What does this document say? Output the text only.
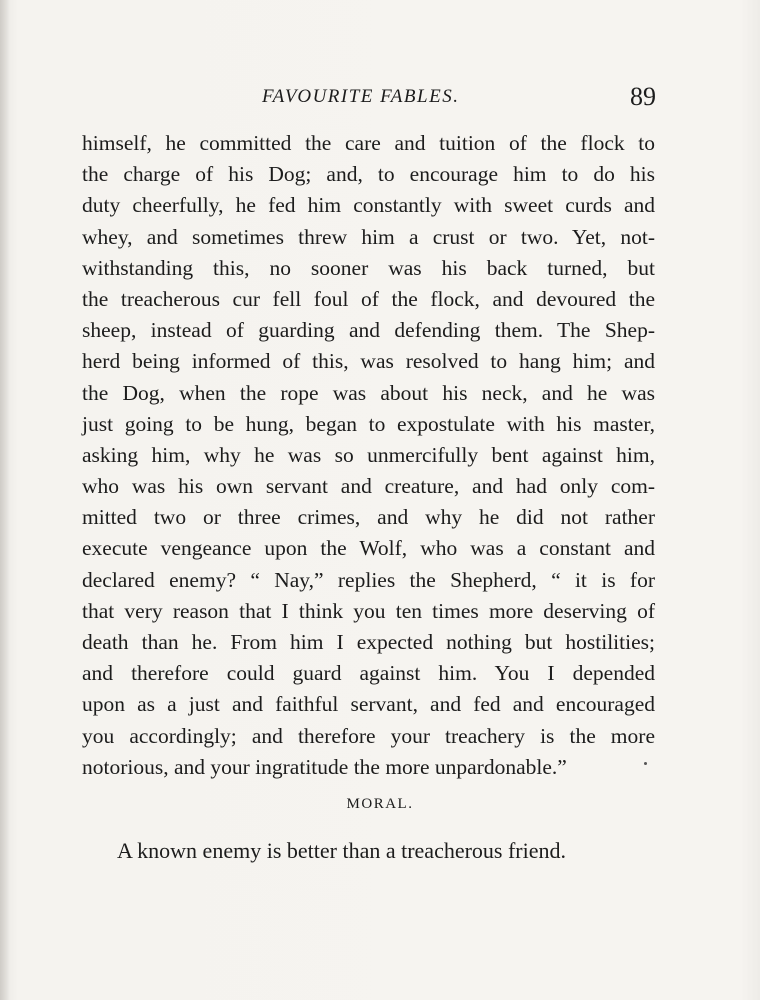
FAVOURITE FABLES.	89
himself, he committed the care and tuition of the flock to
the charge of his Dog; and, to encourage him to do his
duty cheerfully, he fed him constantly with sweet curds and
whey, and sometimes threw him a crust or two. Yet, not-
withstanding this, no sooner was his back turned, but
the treacherous cur fell foul of the flock, and devoured the
sheep, instead of guarding and defending them. The Shep-
herd being informed of this, was resolved to hang him; and
the Dog, when the rope was about his neck, and he was
just going to be hung, began to expostulate with his master,
asking him, why he was so unmercifully bent against him,
who was his own servant and creature, and had only com-
mitted two or three crimes, and why he did not rather
execute vengeance upon the Wolf, who was a constant and
declared enemy? “ Nay,” replies the Shepherd, “ it is for
that very reason that I think you ten times more deserving of
death than he. From him I expected nothing but hostilities;
and therefore could guard against him. You I depended
upon as a just and faithful servant, and fed and encouraged
you accordingly; and therefore your treachery is the more
notorious, and your ingratitude the more unpardonable.”
MORAL.
A known enemy is better than a treacherous friend.
